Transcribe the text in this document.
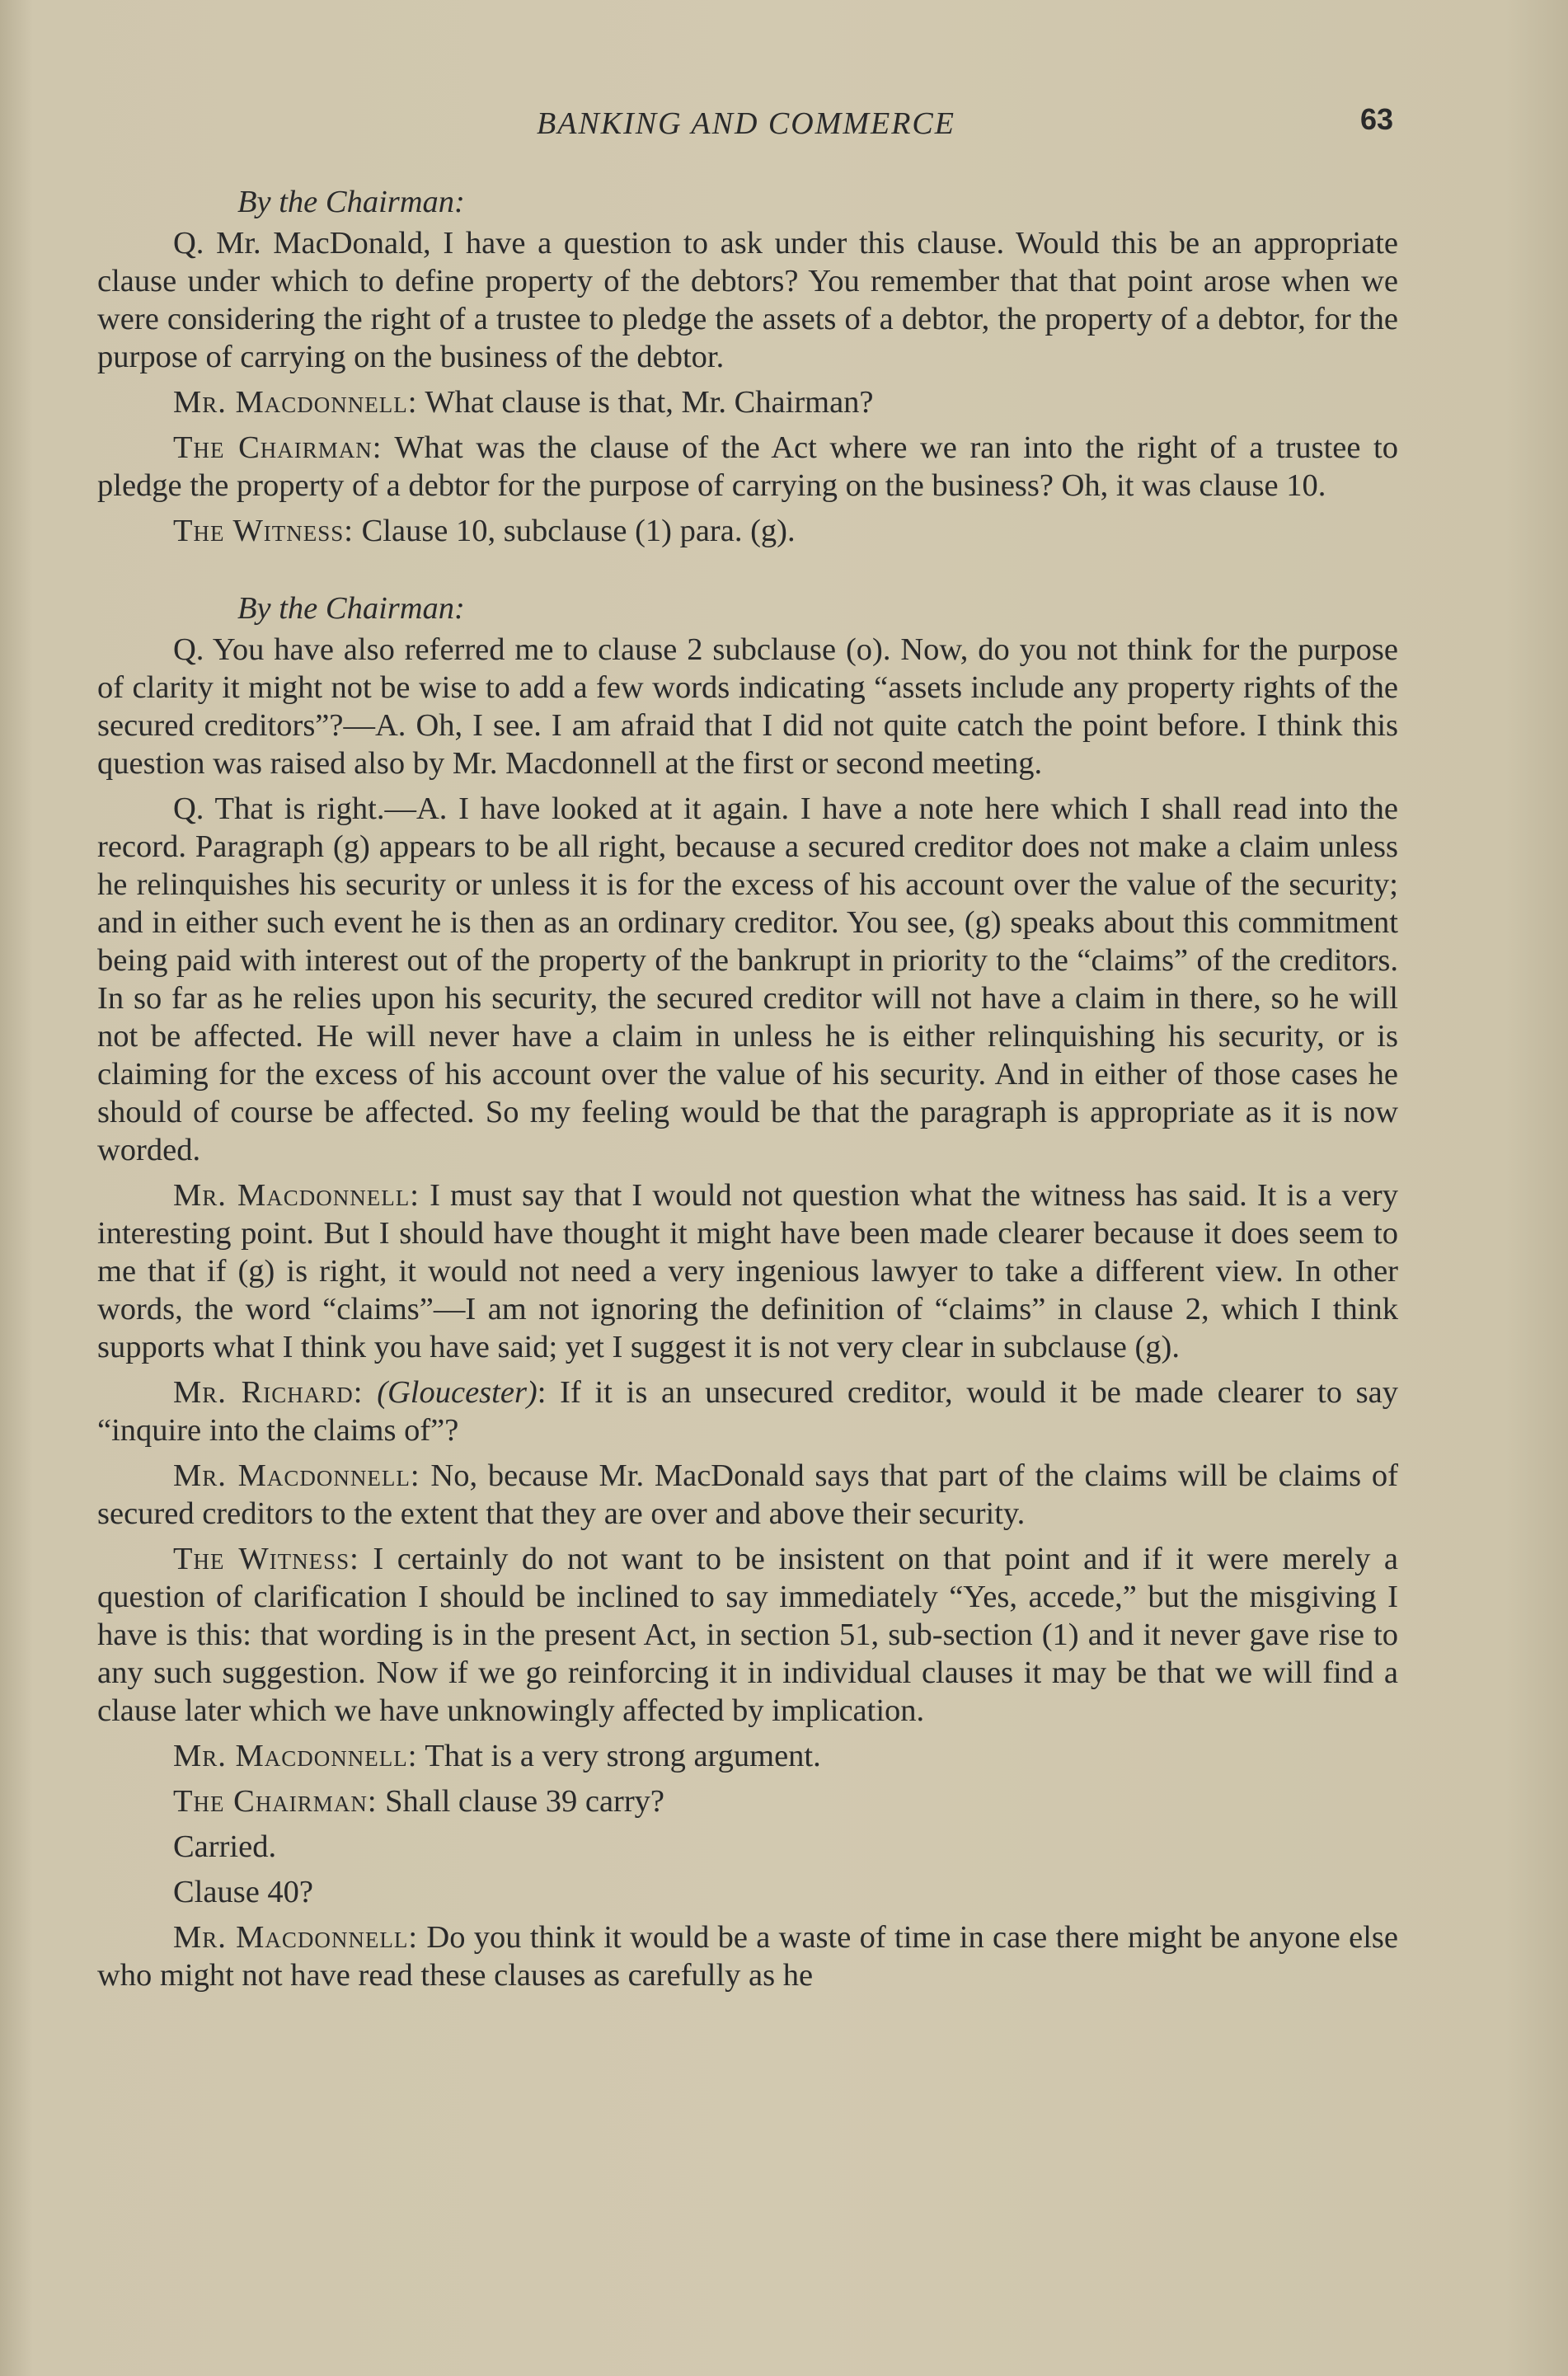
BANKING AND COMMERCE	63

By the Chairman:

Q. Mr. MacDonald, I have a question to ask under this clause. Would this be an appropriate clause under which to define property of the debtors? You remember that that point arose when we were considering the right of a trustee to pledge the assets of a debtor, the property of a debtor, for the purpose of carrying on the business of the debtor.

Mr. Macdonnell: What clause is that, Mr. Chairman?

The Chairman: What was the clause of the Act where we ran into the right of a trustee to pledge the property of a debtor for the purpose of carrying on the business? Oh, it was clause 10.

The Witness: Clause 10, subclause (1) para. (g).

By the Chairman:

Q. You have also referred me to clause 2 subclause (o). Now, do you not think for the purpose of clarity it might not be wise to add a few words indicating “assets include any property rights of the secured creditors”?—A. Oh, I see. I am afraid that I did not quite catch the point before. I think this question was raised also by Mr. Macdonnell at the first or second meeting.

Q. That is right.—A. I have looked at it again. I have a note here which I shall read into the record. Paragraph (g) appears to be all right, because a secured creditor does not make a claim unless he relinquishes his security or unless it is for the excess of his account over the value of the security; and in either such event he is then as an ordinary creditor. You see, (g) speaks about this commitment being paid with interest out of the property of the bankrupt in priority to the “claims” of the creditors. In so far as he relies upon his security, the secured creditor will not have a claim in there, so he will not be affected. He will never have a claim in unless he is either relinquishing his security, or is claiming for the excess of his account over the value of his security. And in either of those cases he should of course be affected. So my feeling would be that the paragraph is appropriate as it is now worded.

Mr. Macdonnell: I must say that I would not question what the witness has said. It is a very interesting point. But I should have thought it might have been made clearer because it does seem to me that if (g) is right, it would not need a very ingenious lawyer to take a different view. In other words, the word “claims”—I am not ignoring the definition of “claims” in clause 2, which I think supports what I think you have said; yet I suggest it is not very clear in subclause (g).

Mr. Richard: (Gloucester): If it is an unsecured creditor, would it be made clearer to say “inquire into the claims of”?

Mr. Macdonnell: No, because Mr. MacDonald says that part of the claims will be claims of secured creditors to the extent that they are over and above their security.

The Witness: I certainly do not want to be insistent on that point and if it were merely a question of clarification I should be inclined to say immediately “Yes, accede,” but the misgiving I have is this: that wording is in the present Act, in section 51, sub-section (1) and it never gave rise to any such suggestion. Now if we go reinforcing it in individual clauses it may be that we will find a clause later which we have unknowingly affected by implication.

Mr. Macdonnell: That is a very strong argument.

The Chairman: Shall clause 39 carry?

Carried.

Clause 40?

Mr. Macdonnell: Do you think it would be a waste of time in case there might be anyone else who might not have read these clauses as carefully as he
